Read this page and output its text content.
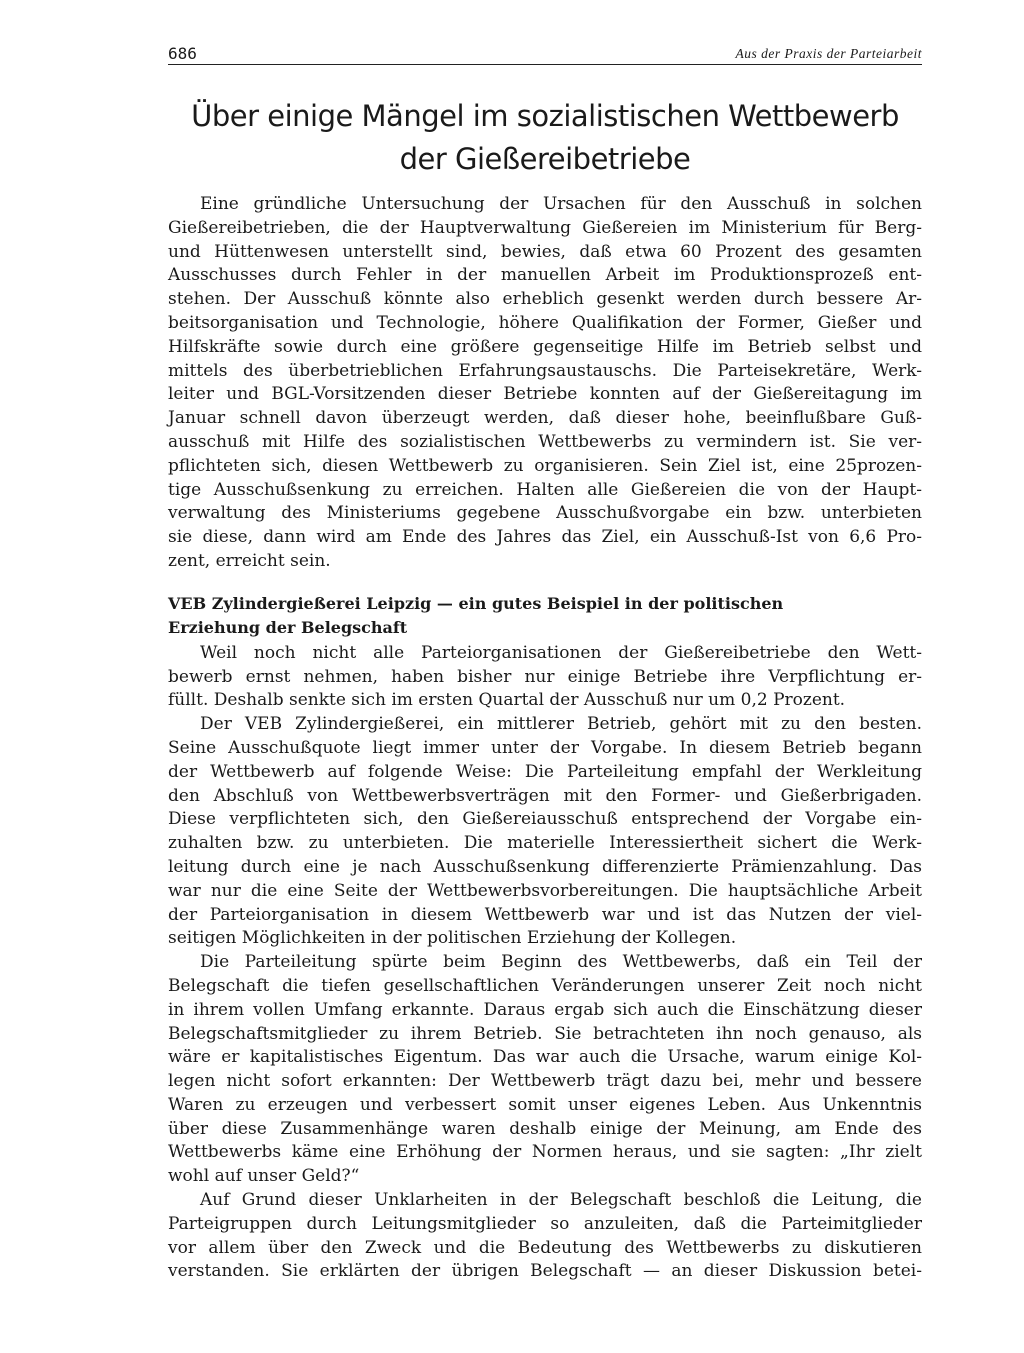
686	Aus der Praxis der Parteiarbeit
Über einige Mängel im sozialistischen Wettbewerb
der Gießereibetriebe
Eine gründliche Untersuchung der Ursachen für den Ausschuß in solchen
Gießereibetrieben, die der Hauptverwaltung Gießereien im Ministerium für Berg-
und Hüttenwesen unterstellt sind, bewies, daß etwa 60 Prozent des gesamten
Ausschusses durch Fehler in der manuellen Arbeit im Produktionsprozeß ent-
stehen. Der Ausschuß könnte also erheblich gesenkt werden durch bessere Ar-
beitsorganisation und Technologie, höhere Qualifikation der Former, Gießer und
Hilfskräfte sowie durch eine größere gegenseitige Hilfe im Betrieb selbst und
mittels des überbetrieblichen Erfahrungsaustauschs. Die Parteisekretäre, Werk-
leiter und BGL-Vorsitzenden dieser Betriebe konnten auf der Gießereitagung im
Januar schnell davon überzeugt werden, daß dieser hohe, beeinflußbare Guß-
ausschuß mit Hilfe des sozialistischen Wettbewerbs zu vermindern ist. Sie ver-
pflichteten sich, diesen Wettbewerb zu organisieren. Sein Ziel ist, eine 25prozen-
tige Ausschußsenkung zu erreichen. Halten alle Gießereien die von der Haupt-
verwaltung des Ministeriums gegebene Ausschußvorgabe ein bzw. unterbieten
sie diese, dann wird am Ende des Jahres das Ziel, ein Ausschuß-Ist von 6,6 Pro-
zent, erreicht sein.
VEB Zylindergießerei Leipzig — ein gutes Beispiel in der politischen
Erziehung der Belegschaft
Weil noch nicht alle Parteiorganisationen der Gießereibetriebe den Wett-
bewerb ernst nehmen, haben bisher nur einige Betriebe ihre Verpflichtung er-
füllt. Deshalb senkte sich im ersten Quartal der Ausschuß nur um 0,2 Prozent.
Der VEB Zylindergießerei, ein mittlerer Betrieb, gehört mit zu den besten.
Seine Ausschußquote liegt immer unter der Vorgabe. In diesem Betrieb begann
der Wettbewerb auf folgende Weise: Die Parteileitung empfahl der Werkleitung
den Abschluß von Wettbewerbsverträgen mit den Former- und Gießerbrigaden.
Diese verpflichteten sich, den Gießereiausschuß entsprechend der Vorgabe ein-
zuhalten bzw. zu unterbieten. Die materielle Interessiertheit sichert die Werk-
leitung durch eine je nach Ausschußsenkung differenzierte Prämienzahlung. Das
war nur die eine Seite der Wettbewerbsvorbereitungen. Die hauptsächliche Arbeit
der Parteiorganisation in diesem Wettbewerb war und ist das Nutzen der viel-
seitigen Möglichkeiten in der politischen Erziehung der Kollegen.
Die Parteileitung spürte beim Beginn des Wettbewerbs, daß ein Teil der
Belegschaft die tiefen gesellschaftlichen Veränderungen unserer Zeit noch nicht
in ihrem vollen Umfang erkannte. Daraus ergab sich auch die Einschätzung dieser
Belegschaftsmitglieder zu ihrem Betrieb. Sie betrachteten ihn noch genauso, als
wäre er kapitalistisches Eigentum. Das war auch die Ursache, warum einige Kol-
legen nicht sofort erkannten: Der Wettbewerb trägt dazu bei, mehr und bessere
Waren zu erzeugen und verbessert somit unser eigenes Leben. Aus Unkenntnis
über diese Zusammenhänge waren deshalb einige der Meinung, am Ende des
Wettbewerbs käme eine Erhöhung der Normen heraus, und sie sagten: „Ihr zielt
wohl auf unser Geld?“
Auf Grund dieser Unklarheiten in der Belegschaft beschloß die Leitung, die
Parteigruppen durch Leitungsmitglieder so anzuleiten, daß die Parteimitglieder
vor allem über den Zweck und die Bedeutung des Wettbewerbs zu diskutieren
verstanden. Sie erklärten der übrigen Belegschaft — an dieser Diskussion betei-
